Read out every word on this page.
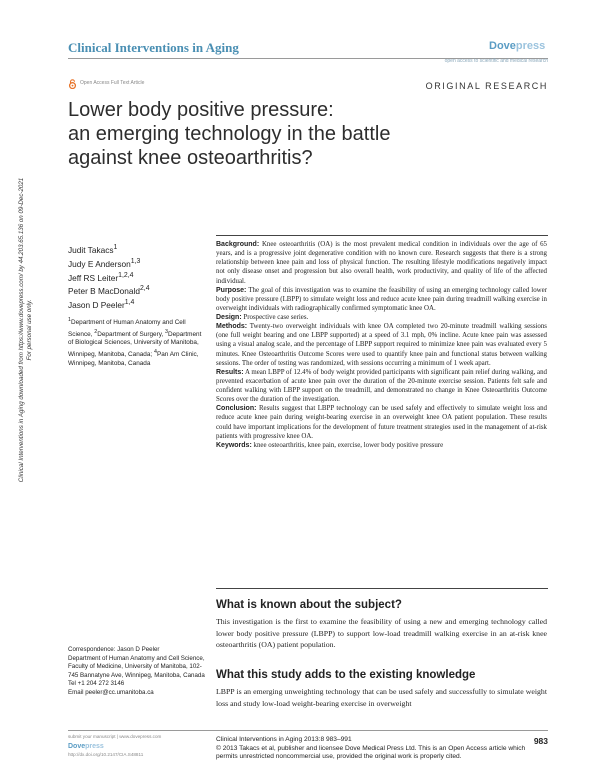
Clinical Interventions in Aging	Dovepress
open access to scientific and medical research
Open Access Full Text Article	ORIGINAL RESEARCH
Lower body positive pressure:
an emerging technology in the battle
against knee osteoarthritis?
Clinical Interventions in Aging downloaded from https://www.dovepress.com/ by 44.203.65.136 on 09-Dec-2021 For personal use only.
Judit Takacs$^1$
Judy E Anderson$^{1,3}$
Jeff RS Leiter$^{1,2,4}$
Peter B MacDonald$^{2,4}$
Jason D Peeler$^{1,4}$
$^1$Department of Human Anatomy and Cell Science, $^2$Department of Surgery, $^3$Department of Biological Sciences, University of Manitoba, Winnipeg, Manitoba, Canada; $^4$Pan Am Clinic, Winnipeg, Manitoba, Canada

Background: Knee osteoarthritis (OA) is the most prevalent medical condition in individuals over the age of 65 years, and is a progressive joint degenerative condition with no known cure. Research suggests that there is a strong relationship between knee pain and loss of physical function. The resulting lifestyle modifications negatively impact not only disease onset and progression but also overall health, work productivity, and quality of life of the affected individual.

Purpose: The goal of this investigation was to examine the feasibility of using an emerging technology called lower body positive pressure (LBPP) to simulate weight loss and reduce acute knee pain during treadmill walking exercise in overweight individuals with radiographically confirmed symptomatic knee OA.

Design: Prospective case series.

Methods: Twenty-two overweight individuals with knee OA completed two 20-minute treadmill walking sessions (one full weight bearing and one LBPP supported) at a speed of 3.1 mph, 0% incline. Acute knee pain was assessed using a visual analog scale, and the percentage of LBPP support required to minimize knee pain was evaluated every 5 minutes. Knee Osteoarthritis Outcome Scores were used to quantify knee pain and functional status between walking sessions. The order of testing was randomized, with sessions occurring a minimum of 1 week apart.

Results: A mean LBPP of 12.4% of body weight provided participants with significant pain relief during walking, and prevented exacerbation of acute knee pain over the duration of the 20-minute exercise session. Patients felt safe and confident walking with LBPP support on the treadmill, and demonstrated no change in Knee Osteoarthritis Outcome Scores over the duration of the investigation.

Conclusion: Results suggest that LBPP technology can be used safely and effectively to simulate weight loss and reduce acute knee pain during weight-bearing exercise in an overweight knee OA patient population. These results could have important implications for the development of future treatment strategies used in the management of at-risk patients with progressive knee OA.

Keywords: knee osteoarthritis, knee pain, exercise, lower body positive pressure

What is known about the subject?
This investigation is the first to examine the feasibility of using a new and emerging technology called lower body positive pressure (LBPP) to support low-load treadmill walking exercise in an at-risk knee osteoarthritis (OA) patient population.
What this study adds to the existing knowledge
LBPP is an emerging unweighting technology that can be used safely and successfully to simulate weight loss and study low-load weight-bearing exercise in overweight
Correspondence: Jason D Peeler
Department of Human Anatomy and Cell Science, Faculty of Medicine, University of Manitoba, 102-745 Bannatyne Ave, Winnipeg, Manitoba, Canada
Tel +1 204 272 3146
Email peeler@cc.umanitoba.ca
submit your manuscript | www.dovepress.com
Dovepress
http://dx.doi.org/10.2147/CIA.S48811
Clinical Interventions in Aging 2013:8 983–991
© 2013 Takacs et al, publisher and licensee Dove Medical Press Ltd. This is an Open Access article which permits unrestricted noncommercial use, provided the original work is properly cited.
983
